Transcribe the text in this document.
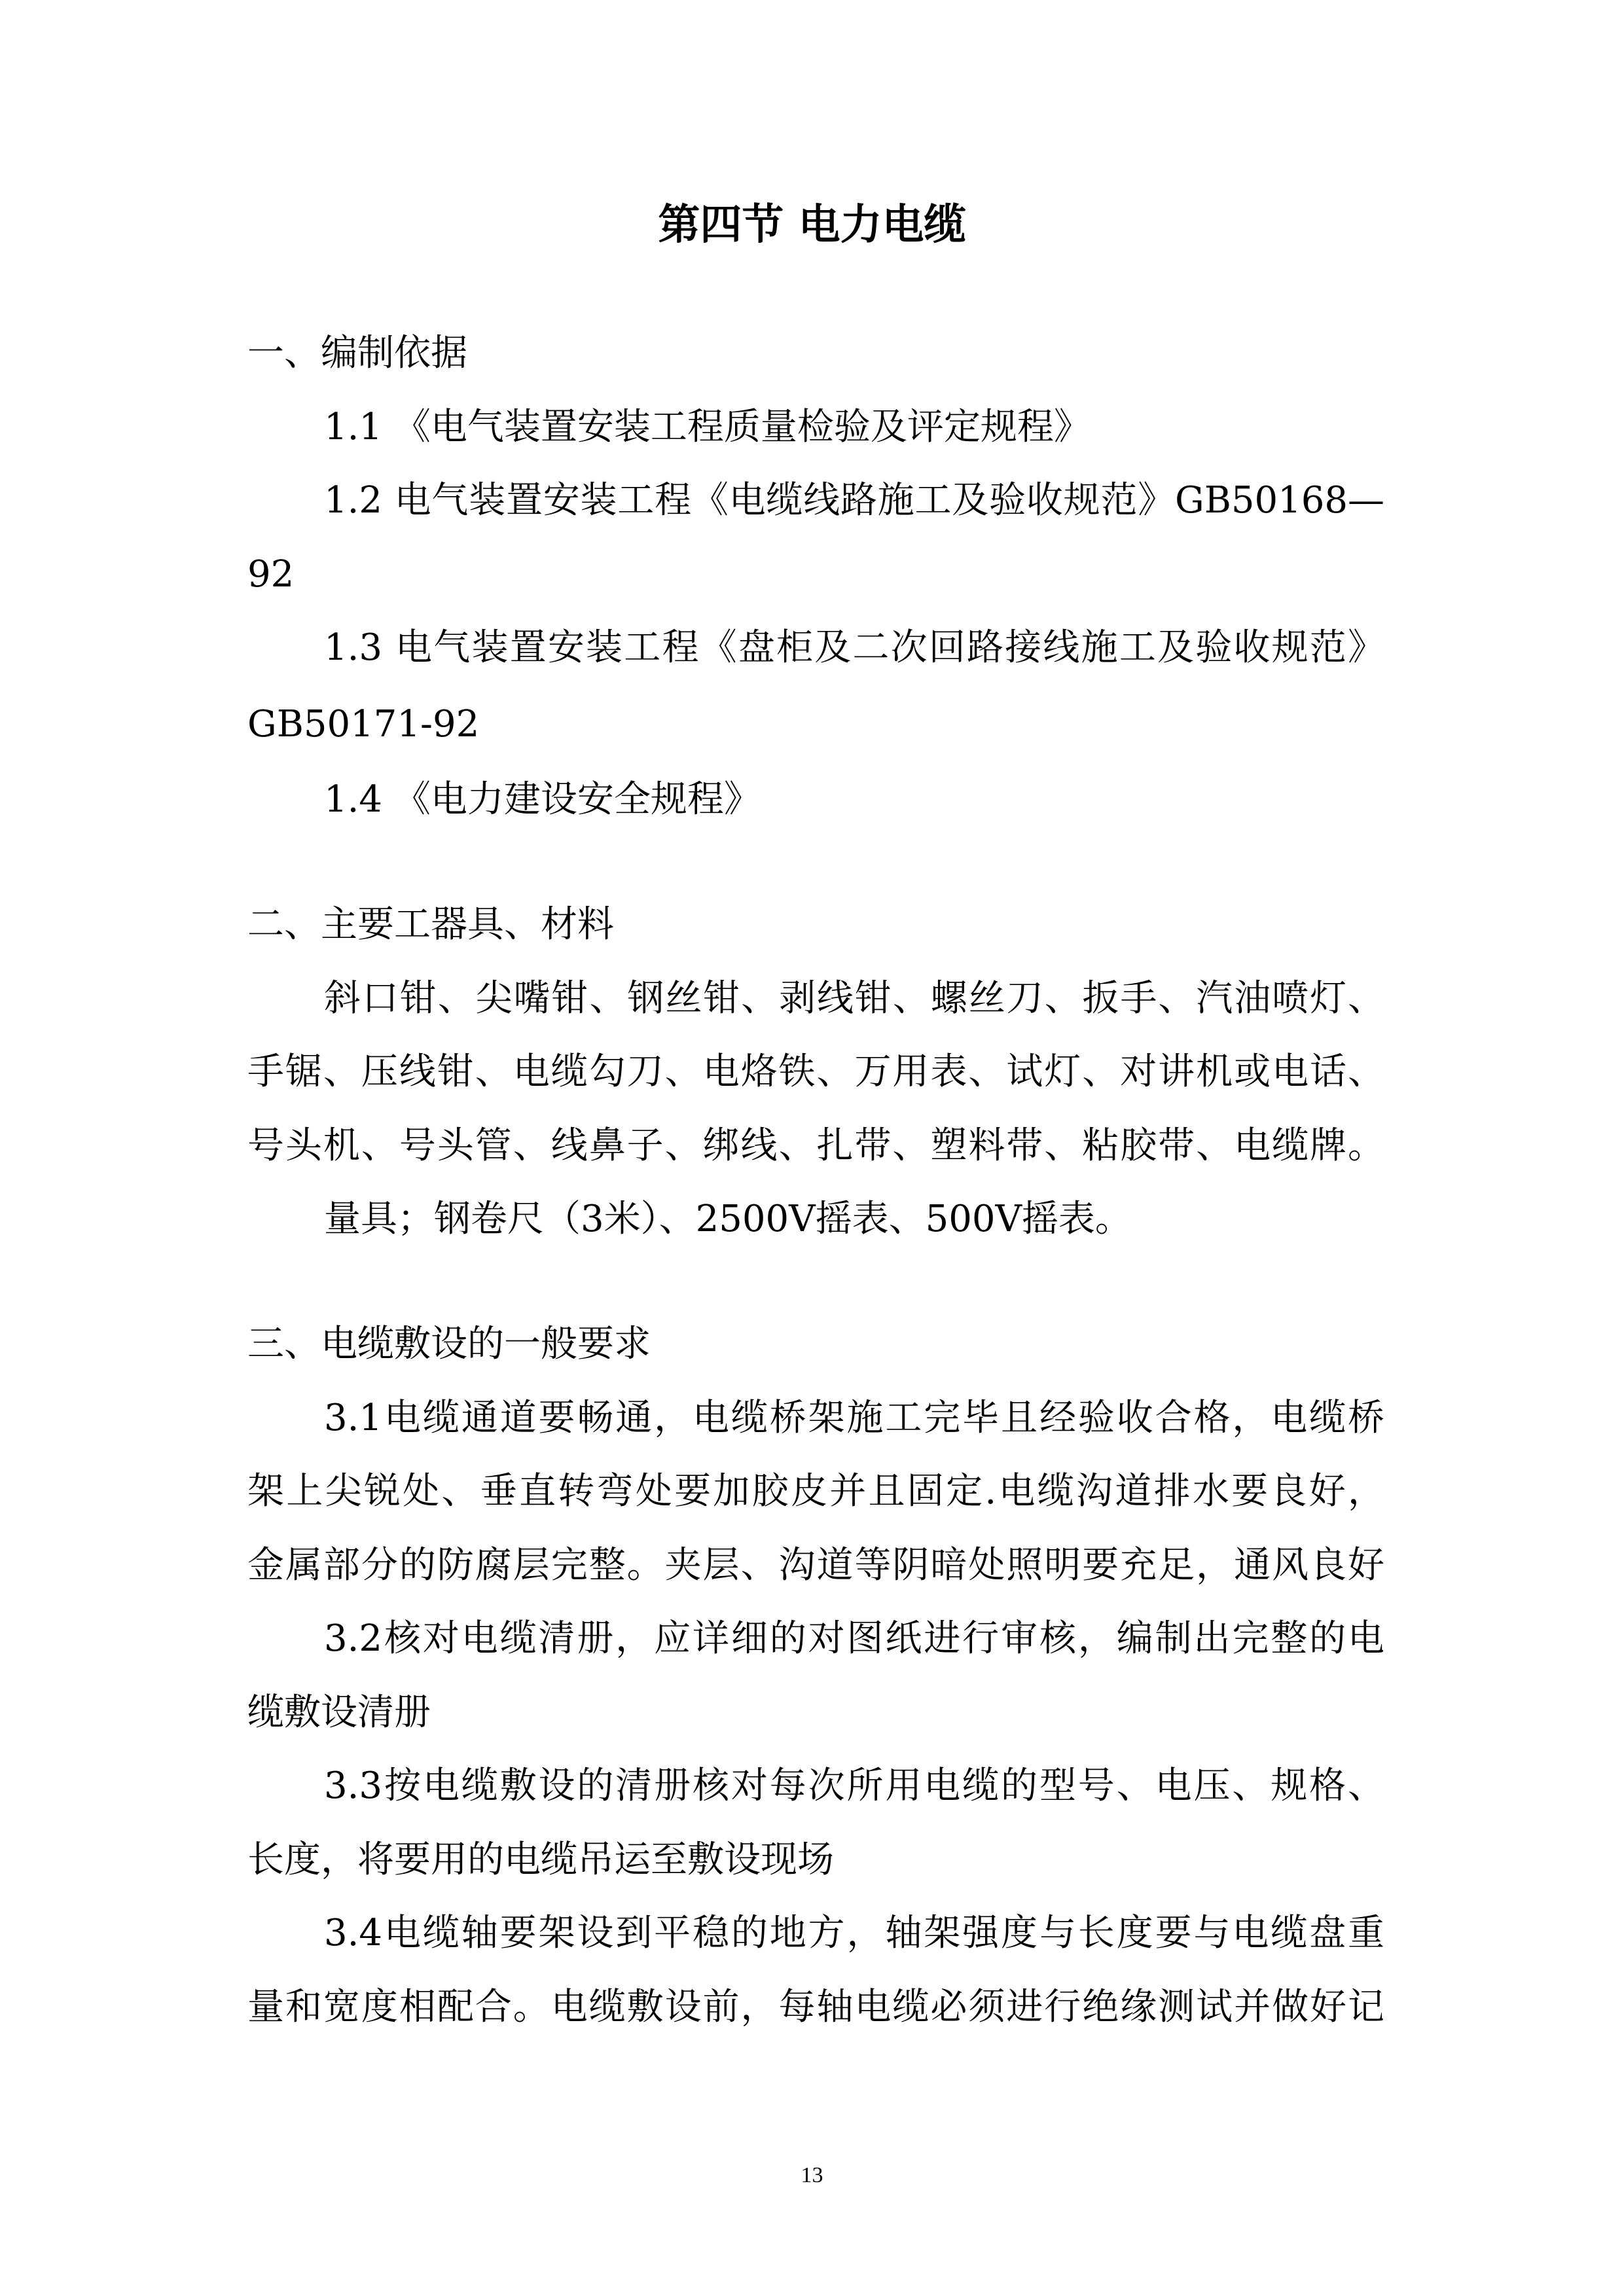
第四节 电力电缆
一、编制依据
1.1 《电气装置安装工程质量检验及评定规程》
1.2 电气装置安装工程《电缆线路施工及验收规范》GB50168—
92
1.3 电气装置安装工程《盘柜及二次回路接线施工及验收规范》
GB50171-92
1.4 《电力建设安全规程》
二、主要工器具、材料
斜口钳、尖嘴钳、钢丝钳、剥线钳、螺丝刀、扳手、汽油喷灯、
手锯、压线钳、电缆勾刀、电烙铁、万用表、试灯、对讲机或电话、
号头机、号头管、线鼻子、绑线、扎带、塑料带、粘胶带、电缆牌。
量具；钢卷尺（3米）、2500V摇表、500V摇表。
三、电缆敷设的一般要求
3.1电缆通道要畅通，电缆桥架施工完毕且经验收合格，电缆桥
架上尖锐处、垂直转弯处要加胶皮并且固定.电缆沟道排水要良好，
金属部分的防腐层完整。夹层、沟道等阴暗处照明要充足，通风良好
3.2核对电缆清册，应详细的对图纸进行审核，编制出完整的电
缆敷设清册
3.3按电缆敷设的清册核对每次所用电缆的型号、电压、规格、
长度，将要用的电缆吊运至敷设现场
3.4电缆轴要架设到平稳的地方，轴架强度与长度要与电缆盘重
量和宽度相配合。电缆敷设前，每轴电缆必须进行绝缘测试并做好记
13
